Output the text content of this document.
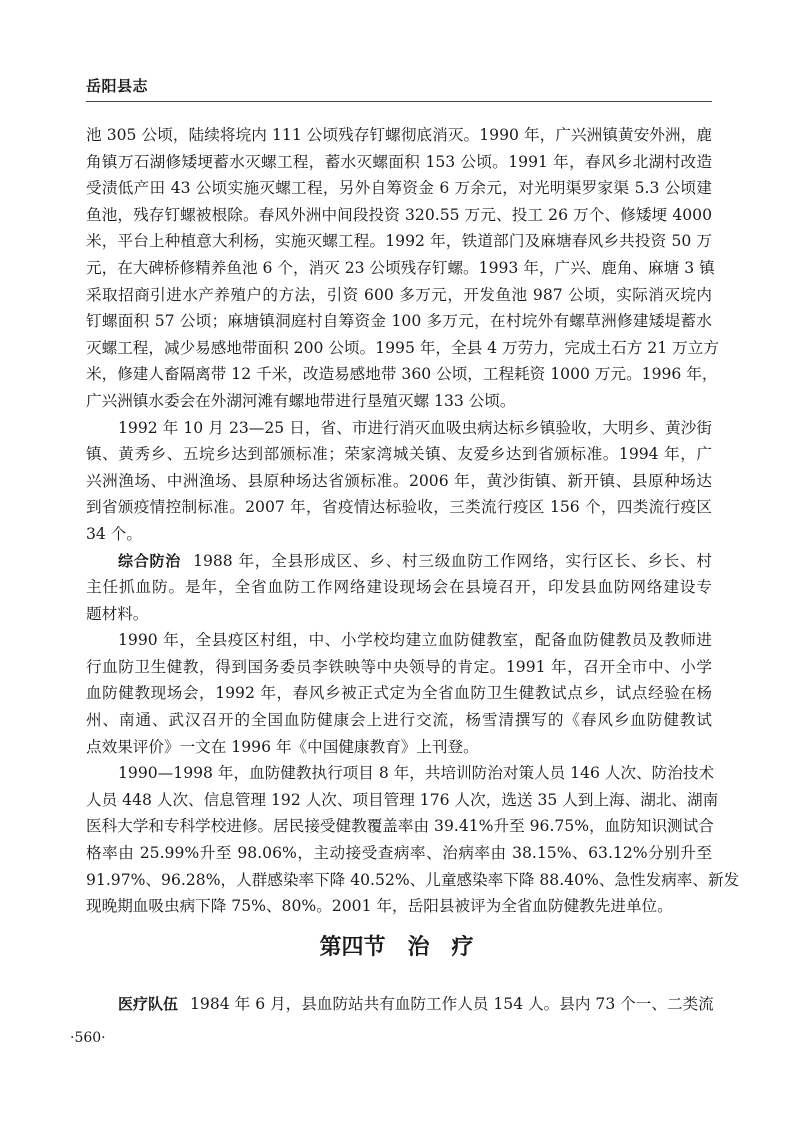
岳阳县志
池 305 公顷，陆续将垸内 111 公顷残存钉螺彻底消灭。1990 年，广兴洲镇黄安外洲，鹿
角镇万石湖修矮埂蓄水灭螺工程，蓄水灭螺面积 153 公顷。1991 年，春风乡北湖村改造
受渍低产田 43 公顷实施灭螺工程，另外自筹资金 6 万余元，对光明渠罗家渠 5.3 公顷建
鱼池，残存钉螺被根除。春风外洲中间段投资 320.55 万元、投工 26 万个、修矮埂 4000
米，平台上种植意大利杨，实施灭螺工程。1992 年，铁道部门及麻塘春风乡共投资 50 万
元，在大碑桥修精养鱼池 6 个，消灭 23 公顷残存钉螺。1993 年，广兴、鹿角、麻塘 3 镇
采取招商引进水产养殖户的方法，引资 600 多万元，开发鱼池 987 公顷，实际消灭垸内
钉螺面积 57 公顷；麻塘镇洞庭村自筹资金 100 多万元，在村垸外有螺草洲修建矮堤蓄水
灭螺工程，减少易感地带面积 200 公顷。1995 年，全县 4 万劳力，完成土石方 21 万立方
米，修建人畜隔离带 12 千米，改造易感地带 360 公顷，工程耗资 1000 万元。1996 年，
广兴洲镇水委会在外湖河滩有螺地带进行垦殖灭螺 133 公顷。
1992 年 10 月 23—25 日，省、市进行消灭血吸虫病达标乡镇验收，大明乡、黄沙街
镇、黄秀乡、五垸乡达到部颁标准；荣家湾城关镇、友爱乡达到省颁标准。1994 年，广
兴洲渔场、中洲渔场、县原种场达省颁标准。2006 年，黄沙街镇、新开镇、县原种场达
到省颁疫情控制标准。2007 年，省疫情达标验收，三类流行疫区 156 个，四类流行疫区
34 个。
综合防治 1988 年，全县形成区、乡、村三级血防工作网络，实行区长、乡长、村
主任抓血防。是年，全省血防工作网络建设现场会在县境召开，印发县血防网络建设专
题材料。
1990 年，全县疫区村组，中、小学校均建立血防健教室，配备血防健教员及教师进
行血防卫生健教，得到国务委员李铁映等中央领导的肯定。1991 年，召开全市中、小学
血防健教现场会，1992 年，春风乡被正式定为全省血防卫生健教试点乡，试点经验在杨
州、南通、武汉召开的全国血防健康会上进行交流，杨雪清撰写的《春风乡血防健教试
点效果评价》一文在 1996 年《中国健康教育》上刊登。
1990—1998 年，血防健教执行项目 8 年，共培训防治对策人员 146 人次、防治技术
人员 448 人次、信息管理 192 人次、项目管理 176 人次，选送 35 人到上海、湖北、湖南
医科大学和专科学校进修。居民接受健教覆盖率由 39.41%升至 96.75%，血防知识测试合
格率由 25.99%升至 98.06%，主动接受查病率、治病率由 38.15%、63.12%分别升至
91.97%、96.28%，人群感染率下降 40.52%、儿童感染率下降 88.40%、急性发病率、新发
现晚期血吸虫病下降 75%、80%。2001 年，岳阳县被评为全省血防健教先进单位。
第四节　治　疗
医疗队伍 1984 年 6 月，县血防站共有血防工作人员 154 人。县内 73 个一、二类流
·560·
